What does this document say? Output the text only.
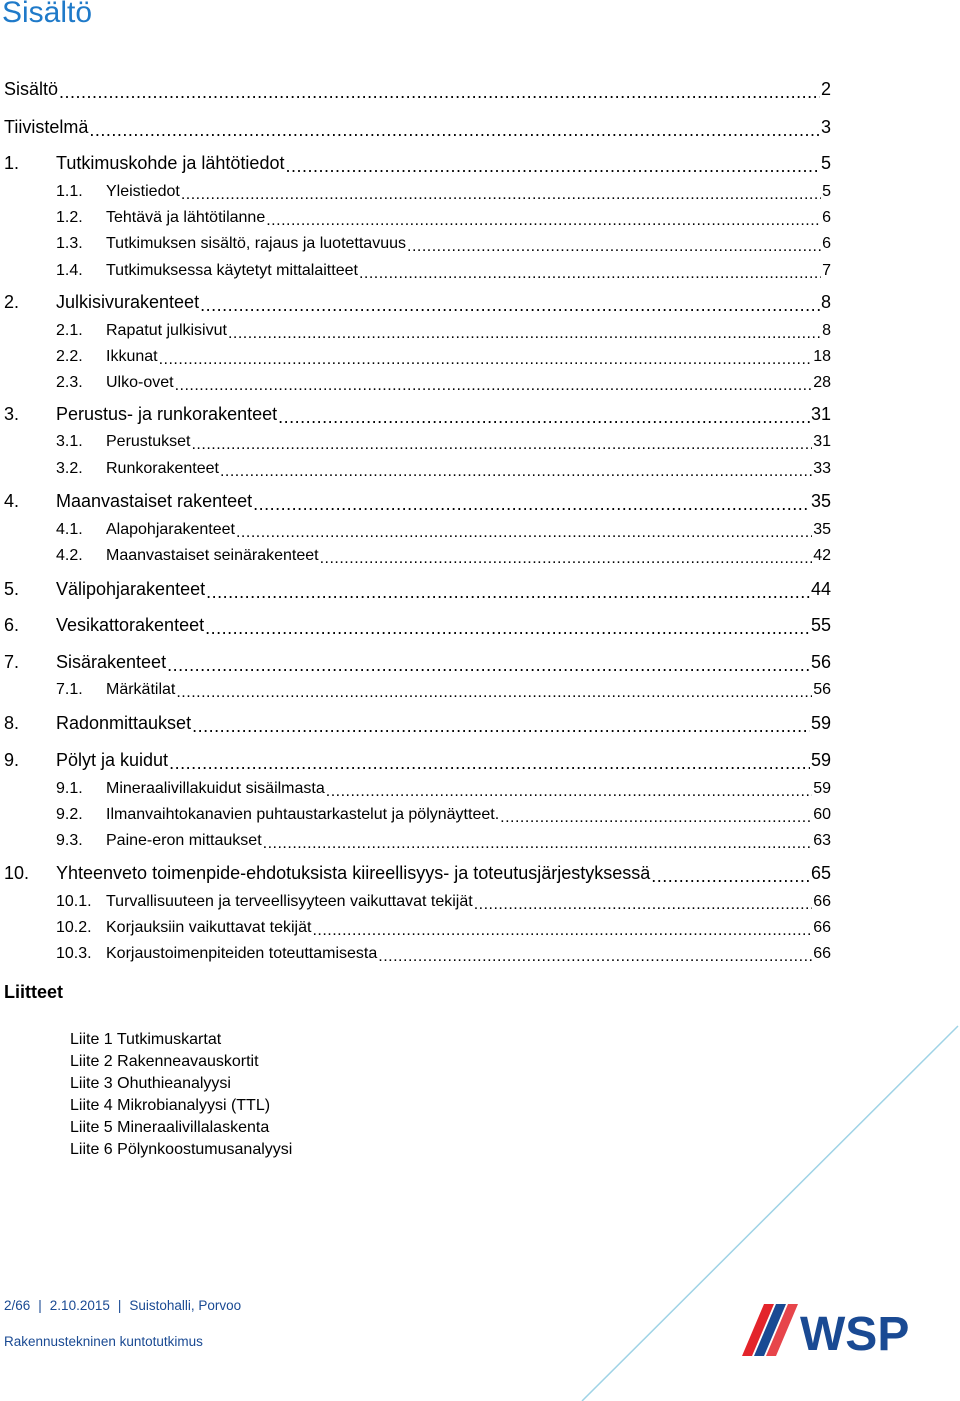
Sisältö
Sisältö .....	2
Tiivistelmä .....	3
1. Tutkimuskohde ja lähtötiedot .....	5
1.1. Yleistiedot .....	5
1.2. Tehtävä ja lähtötilanne .....	6
1.3. Tutkimuksen sisältö, rajaus ja luotettavuus .....	6
1.4. Tutkimuksessa käytetyt mittalaitteet .....	7
2. Julkisivurakenteet .....	8
2.1. Rapatut julkisivut .....	8
2.2. Ikkunat .....	18
2.3. Ulko-ovet .....	28
3. Perustus- ja runkorakenteet .....	31
3.1. Perustukset .....	31
3.2. Runkorakenteet .....	33
4. Maanvastaiset rakenteet .....	35
4.1. Alapohjarakenteet .....	35
4.2. Maanvastaiset seinärakenteet .....	42
5. Välipohjarakenteet .....	44
6. Vesikattorakenteet .....	55
7. Sisärakenteet .....	56
7.1. Märkätilat .....	56
8. Radonmittaukset .....	59
9. Pölyt ja kuidut .....	59
9.1. Mineraalivillakuidut sisäilmasta .....	59
9.2. Ilmanvaihtokanavien puhtaustarkastelut ja pölynäytteet. .....	60
9.3. Paine-eron mittaukset .....	63
10. Yhteenveto toimenpide-ehdotuksista kiireellisyys- ja toteutusjärjestyksessä .....	65
10.1. Turvallisuuteen ja terveellisyyteen vaikuttavat tekijät .....	66
10.2. Korjauksiin vaikuttavat tekijät .....	66
10.3. Korjaustoimenpiteiden toteuttamisesta .....	66
Liitteet
Liite 1 Tutkimuskartat
Liite 2 Rakenneavauskortit
Liite 3 Ohuthieanalyysi
Liite 4 Mikrobianalyysi (TTL)
Liite 5 Mineraalivillalaskenta
Liite 6 Pölynkoostumusanalyysi
2/66 | 2.10.2015 | Suistohalli, Porvoo
Rakennustekninen kuntotutkimus	WSP
